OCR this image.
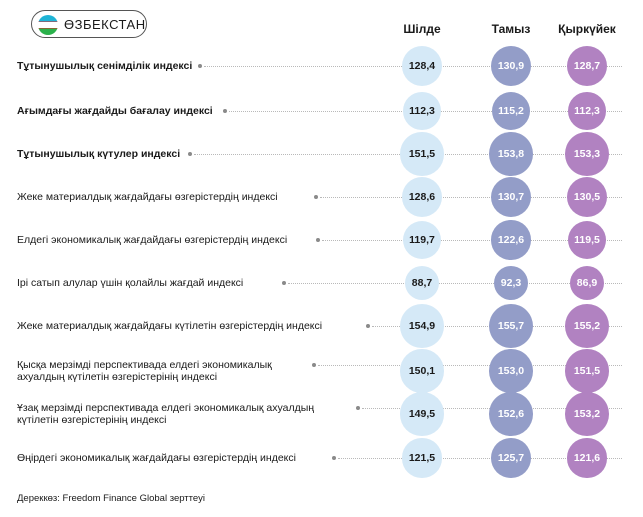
ӨЗБЕКСТАН	Шілде	Тамыз	Қыркүйек
Тұтынушылық сенімділік индексі	128,4	130,9	128,7
Ағымдағы жағдайды бағалау индексі	112,3	115,2	112,3
Тұтынушылық күтулер индексі	151,5	153,8	153,3
Жеке материалдық жағдайдағы өзгерістердің индексі	128,6	130,7	130,5
Елдегі экономикалық жағдайдағы өзгерістердің индексі	119,7	122,6	119,5
Ірі сатып алулар үшін қолайлы жағдай индексі	88,7	92,3	86,9
Жеке материалдық жағдайдағы күтілетін өзгерістердің индексі	154,9	155,7	155,2
Қысқа мерзімді перспективада елдегі экономикалық ахуалдың күтілетін өзгерістерінің индексі
150,1	153,0	151,5
Ұзақ мерзімді перспективада елдегі экономикалық ахуалдың күтілетін өзгерістерінің индексі
149,5	152,6	153,2
Өңірдегі экономикалық жағдайдағы өзгерістердің индексі	121,5	125,7	121,6
Дереккөз: Freedom Finance Global зерттеуі
